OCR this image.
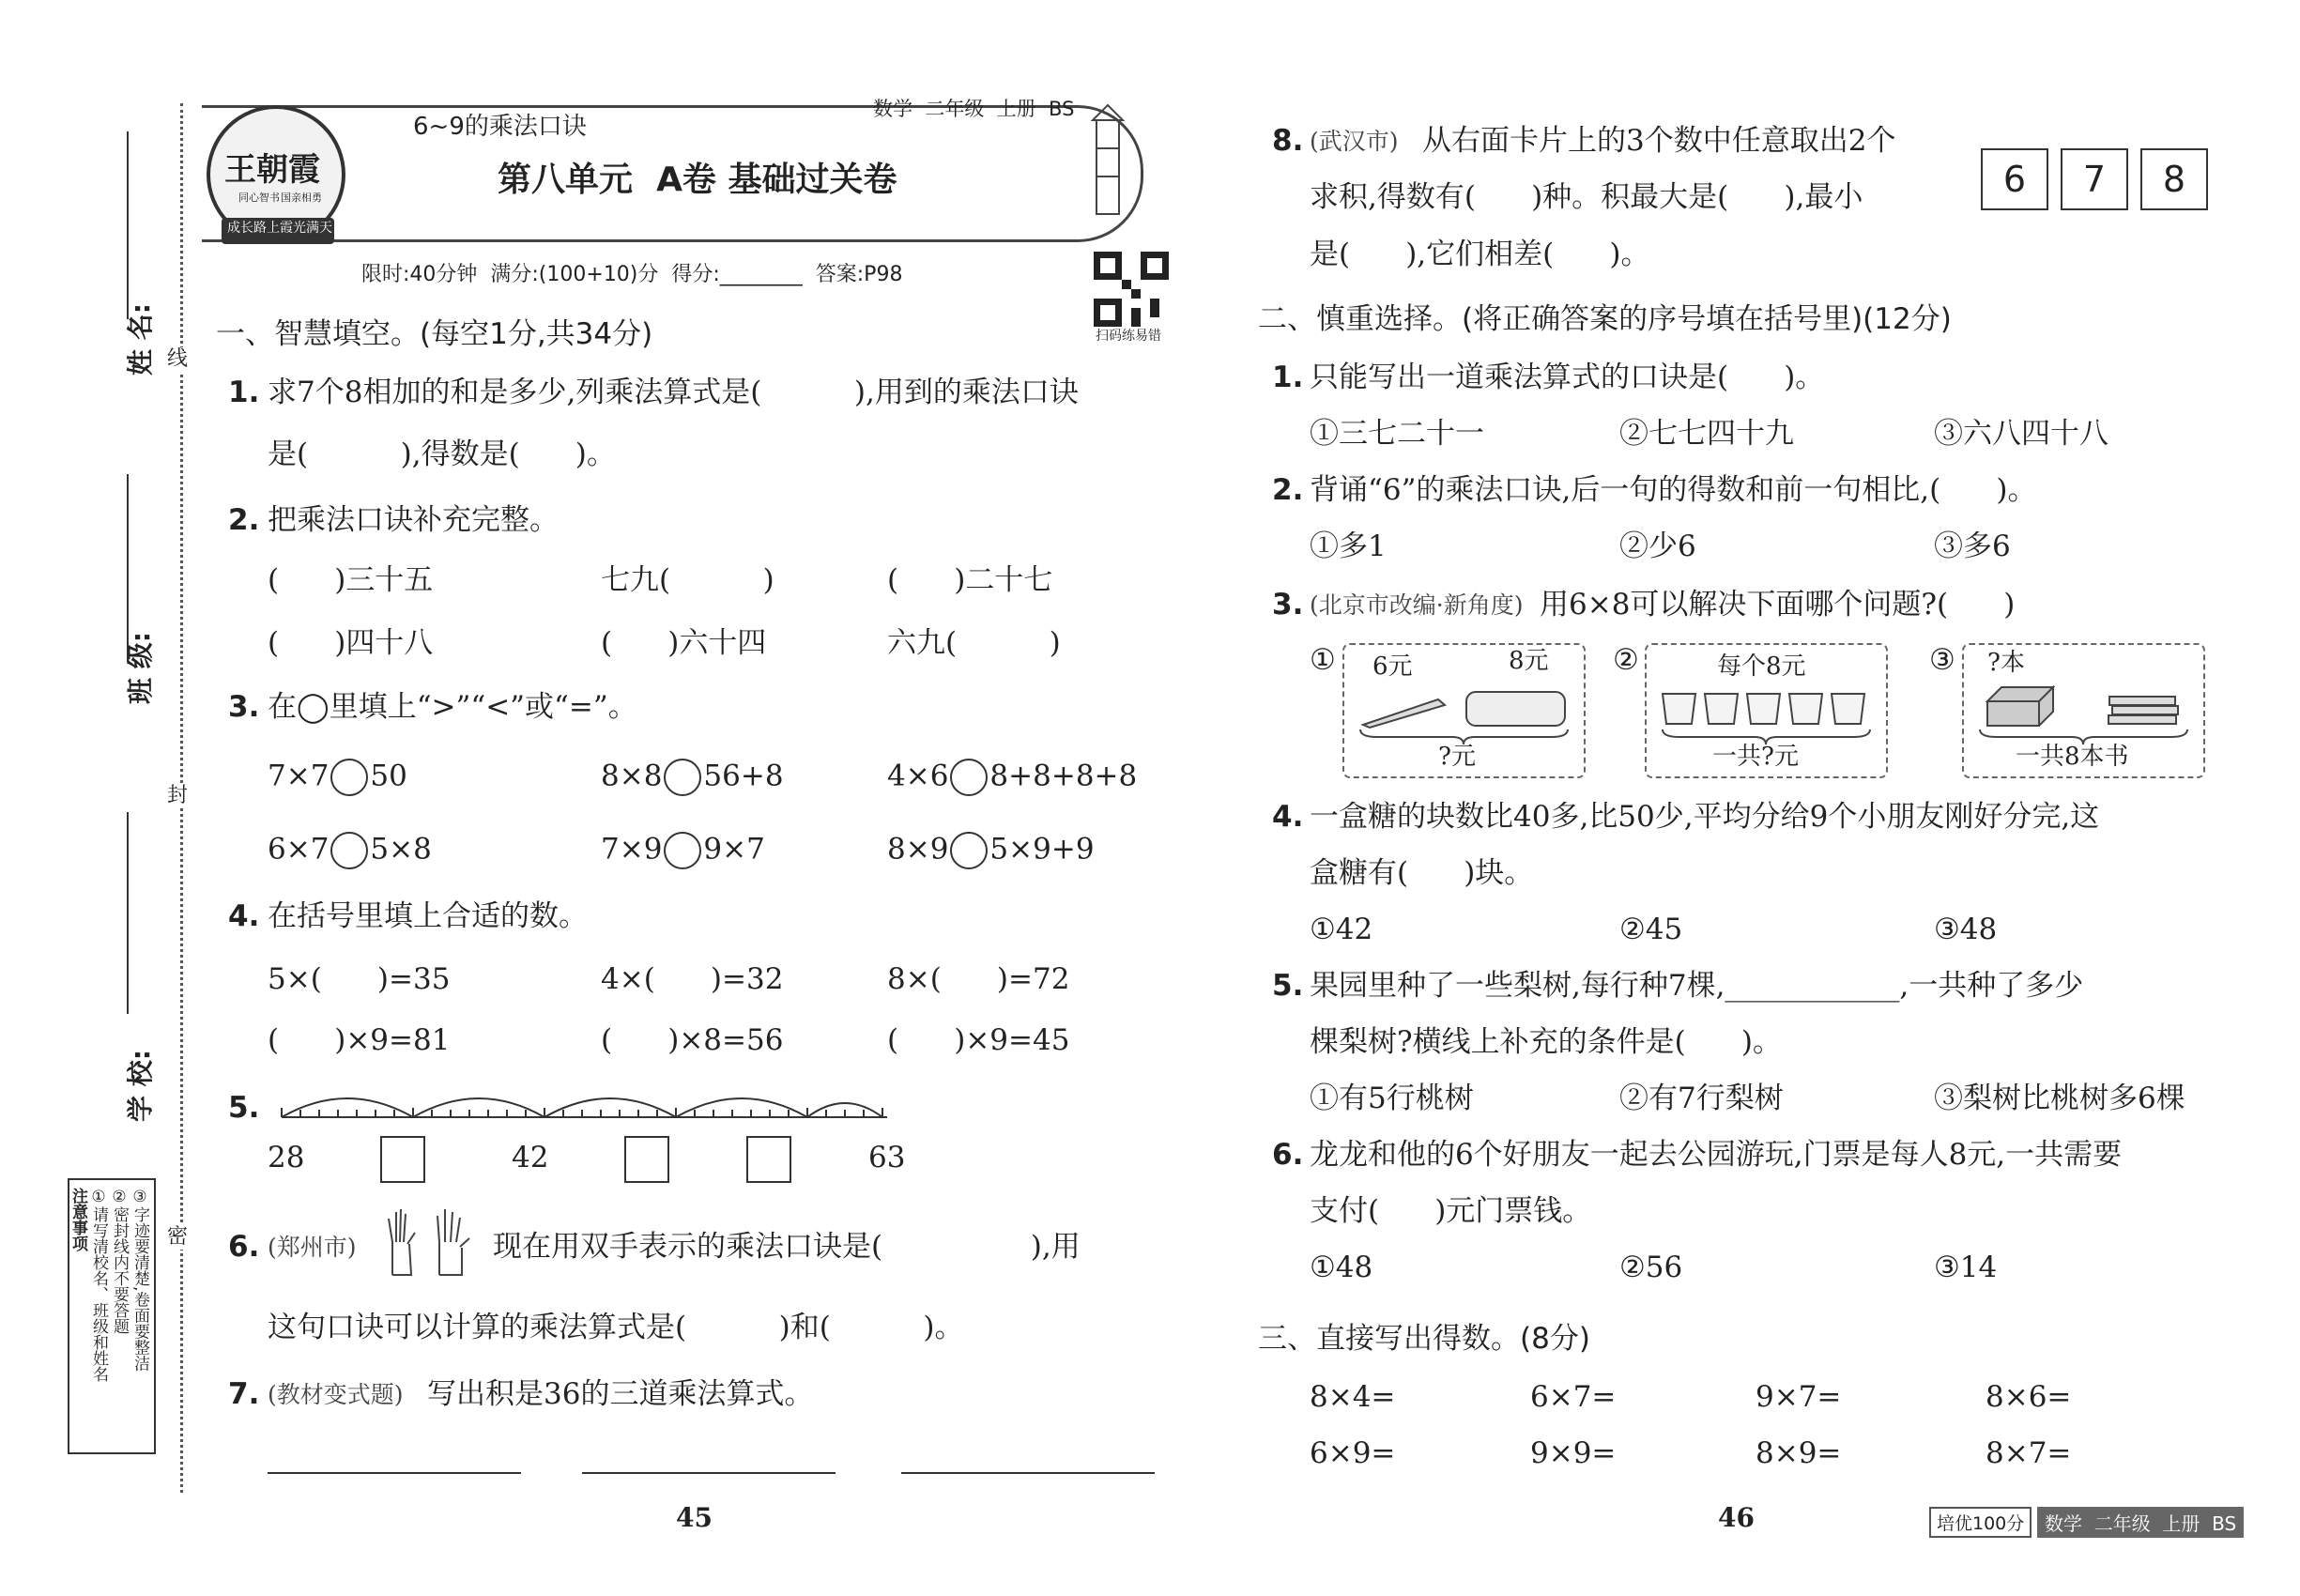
姓 名:
班 级:
学 校:
线
封
密
注意事项 ①请写清校名、班级和姓名 ②密封线内不要答题 ③字迹要清楚,卷面要整洁
王朝霞
同心智书 国亲相勇
成长路上 霞光满天
6~9的乘法口诀
数学  二年级  上册  BS
第八单元  A卷 基础过关卷
限时:40分钟  满分:(100+10)分  得分:________  答案:P98
扫码练易错
一、智慧填空。(每空1分,共34分)
1. 求7个8相加的和是多少,列乘法算式是(          ),用到的乘法口诀
是(          ),得数是(      )。
2. 把乘法口诀补充完整。
(      )三十五	七九(          )	(      )二十七
(      )四十八	(      )六十四	六九(          )
3. 在◯里填上“>”“<”或“=”。
7×7 50	8×8 56+8	4×6 8+8+8+8
6×7 5×8	7×9 9×7	8×9 5×9+9
4. 在括号里填上合适的数。
5×(      )=35	4×(      )=32	8×(      )=72
(      )×9=81	(      )×8=56	(      )×9=45
5.
28	42	63
6. (郑州市)	现在用双手表示的乘法口诀是(                ),用
这句口诀可以计算的乘法算式是(          )和(          )。
7. (教材变式题) 写出积是36的三道乘法算式。
45
8. (武汉市) 从右面卡片上的3个数中任意取出2个
求积,得数有(      )种。积最大是(      ),最小
是(      ),它们相差(      )。
6	7	8
二、慎重选择。(将正确答案的序号填在括号里)(12分)
1. 只能写出一道乘法算式的口诀是(      )。
①三七二十一	②七七四十九	③六八四十八
2. 背诵“6”的乘法口诀,后一句的得数和前一句相比,(      )。
①多1	②少6	③多6
3. (北京市改编·新角度) 用6×8可以解决下面哪个问题?(      )
① 6元	8元
?元
②	每个8元
一共?元
③ ?本
一共8本书
4. 一盒糖的块数比40多,比50少,平均分给9个小朋友刚好分完,这
盒糖有(      )块。
①42	②45	③48
5. 果园里种了一些梨树,每行种7棵,____________,一共种了多少
棵梨树?横线上补充的条件是(      )。
①有5行桃树	②有7行梨树	③梨树比桃树多6棵
6. 龙龙和他的6个好朋友一起去公园游玩,门票是每人8元,一共需要
支付(      )元门票钱。
①48	②56	③14
三、直接写出得数。(8分)
8×4=	6×7=	9×7=	8×6=
6×9=	9×9=	8×9=	8×7=
46	培优100分	数学  二年级  上册  BS
